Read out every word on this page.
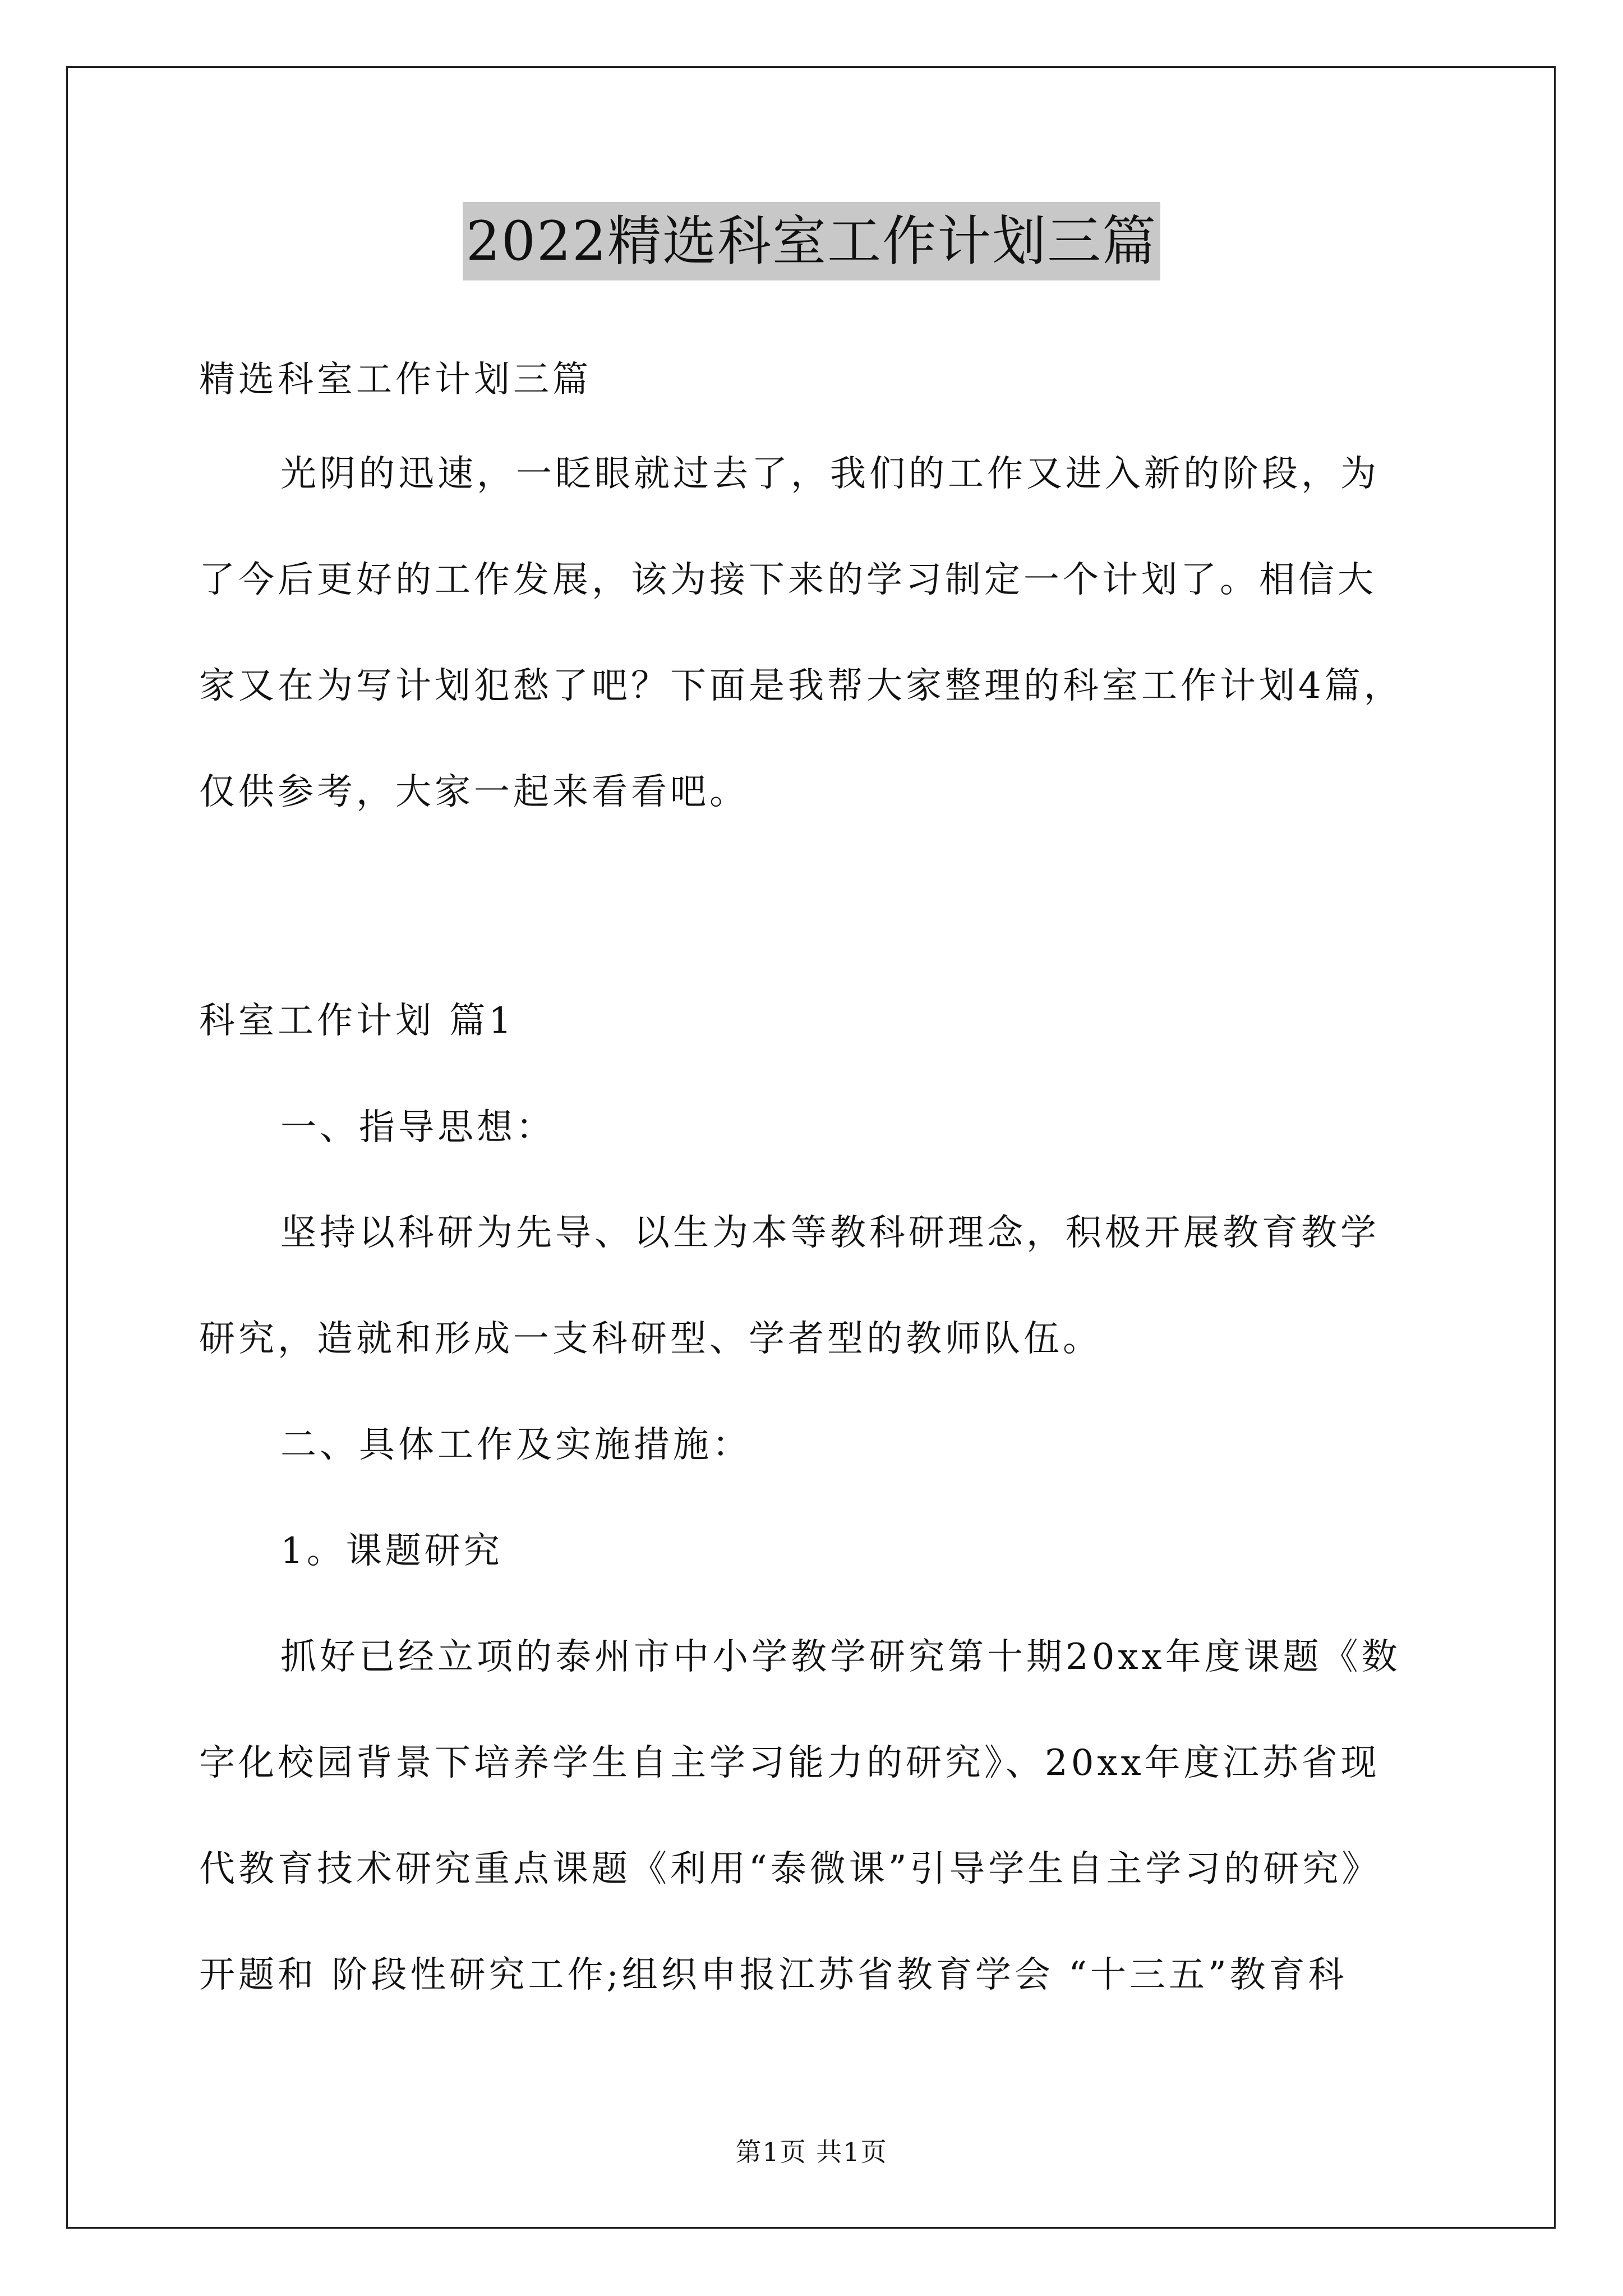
2022精选科室工作计划三篇

精选科室工作计划三篇

光阴的迅速，一眨眼就过去了，我们的工作又进入新的阶段，为
了今后更好的工作发展，该为接下来的学习制定一个计划了。相信大
家又在为写计划犯愁了吧？下面是我帮大家整理的科室工作计划4篇，
仅供参考，大家一起来看看吧。

科室工作计划 篇1

一、指导思想：

坚持以科研为先导、以生为本等教科研理念，积极开展教育教学
研究，造就和形成一支科研型、学者型的教师队伍。

二、具体工作及实施措施：

1。课题研究

抓好已经立项的泰州市中小学教学研究第十期20xx年度课题《数
字化校园背景下培养学生自主学习能力的研究》、20xx年度江苏省现
代教育技术研究重点课题《利用“泰微课”引导学生自主学习的研究》
开题和 阶段性研究工作;组织申报江苏省教育学会 “十三五”教育科
第1页 共1页
